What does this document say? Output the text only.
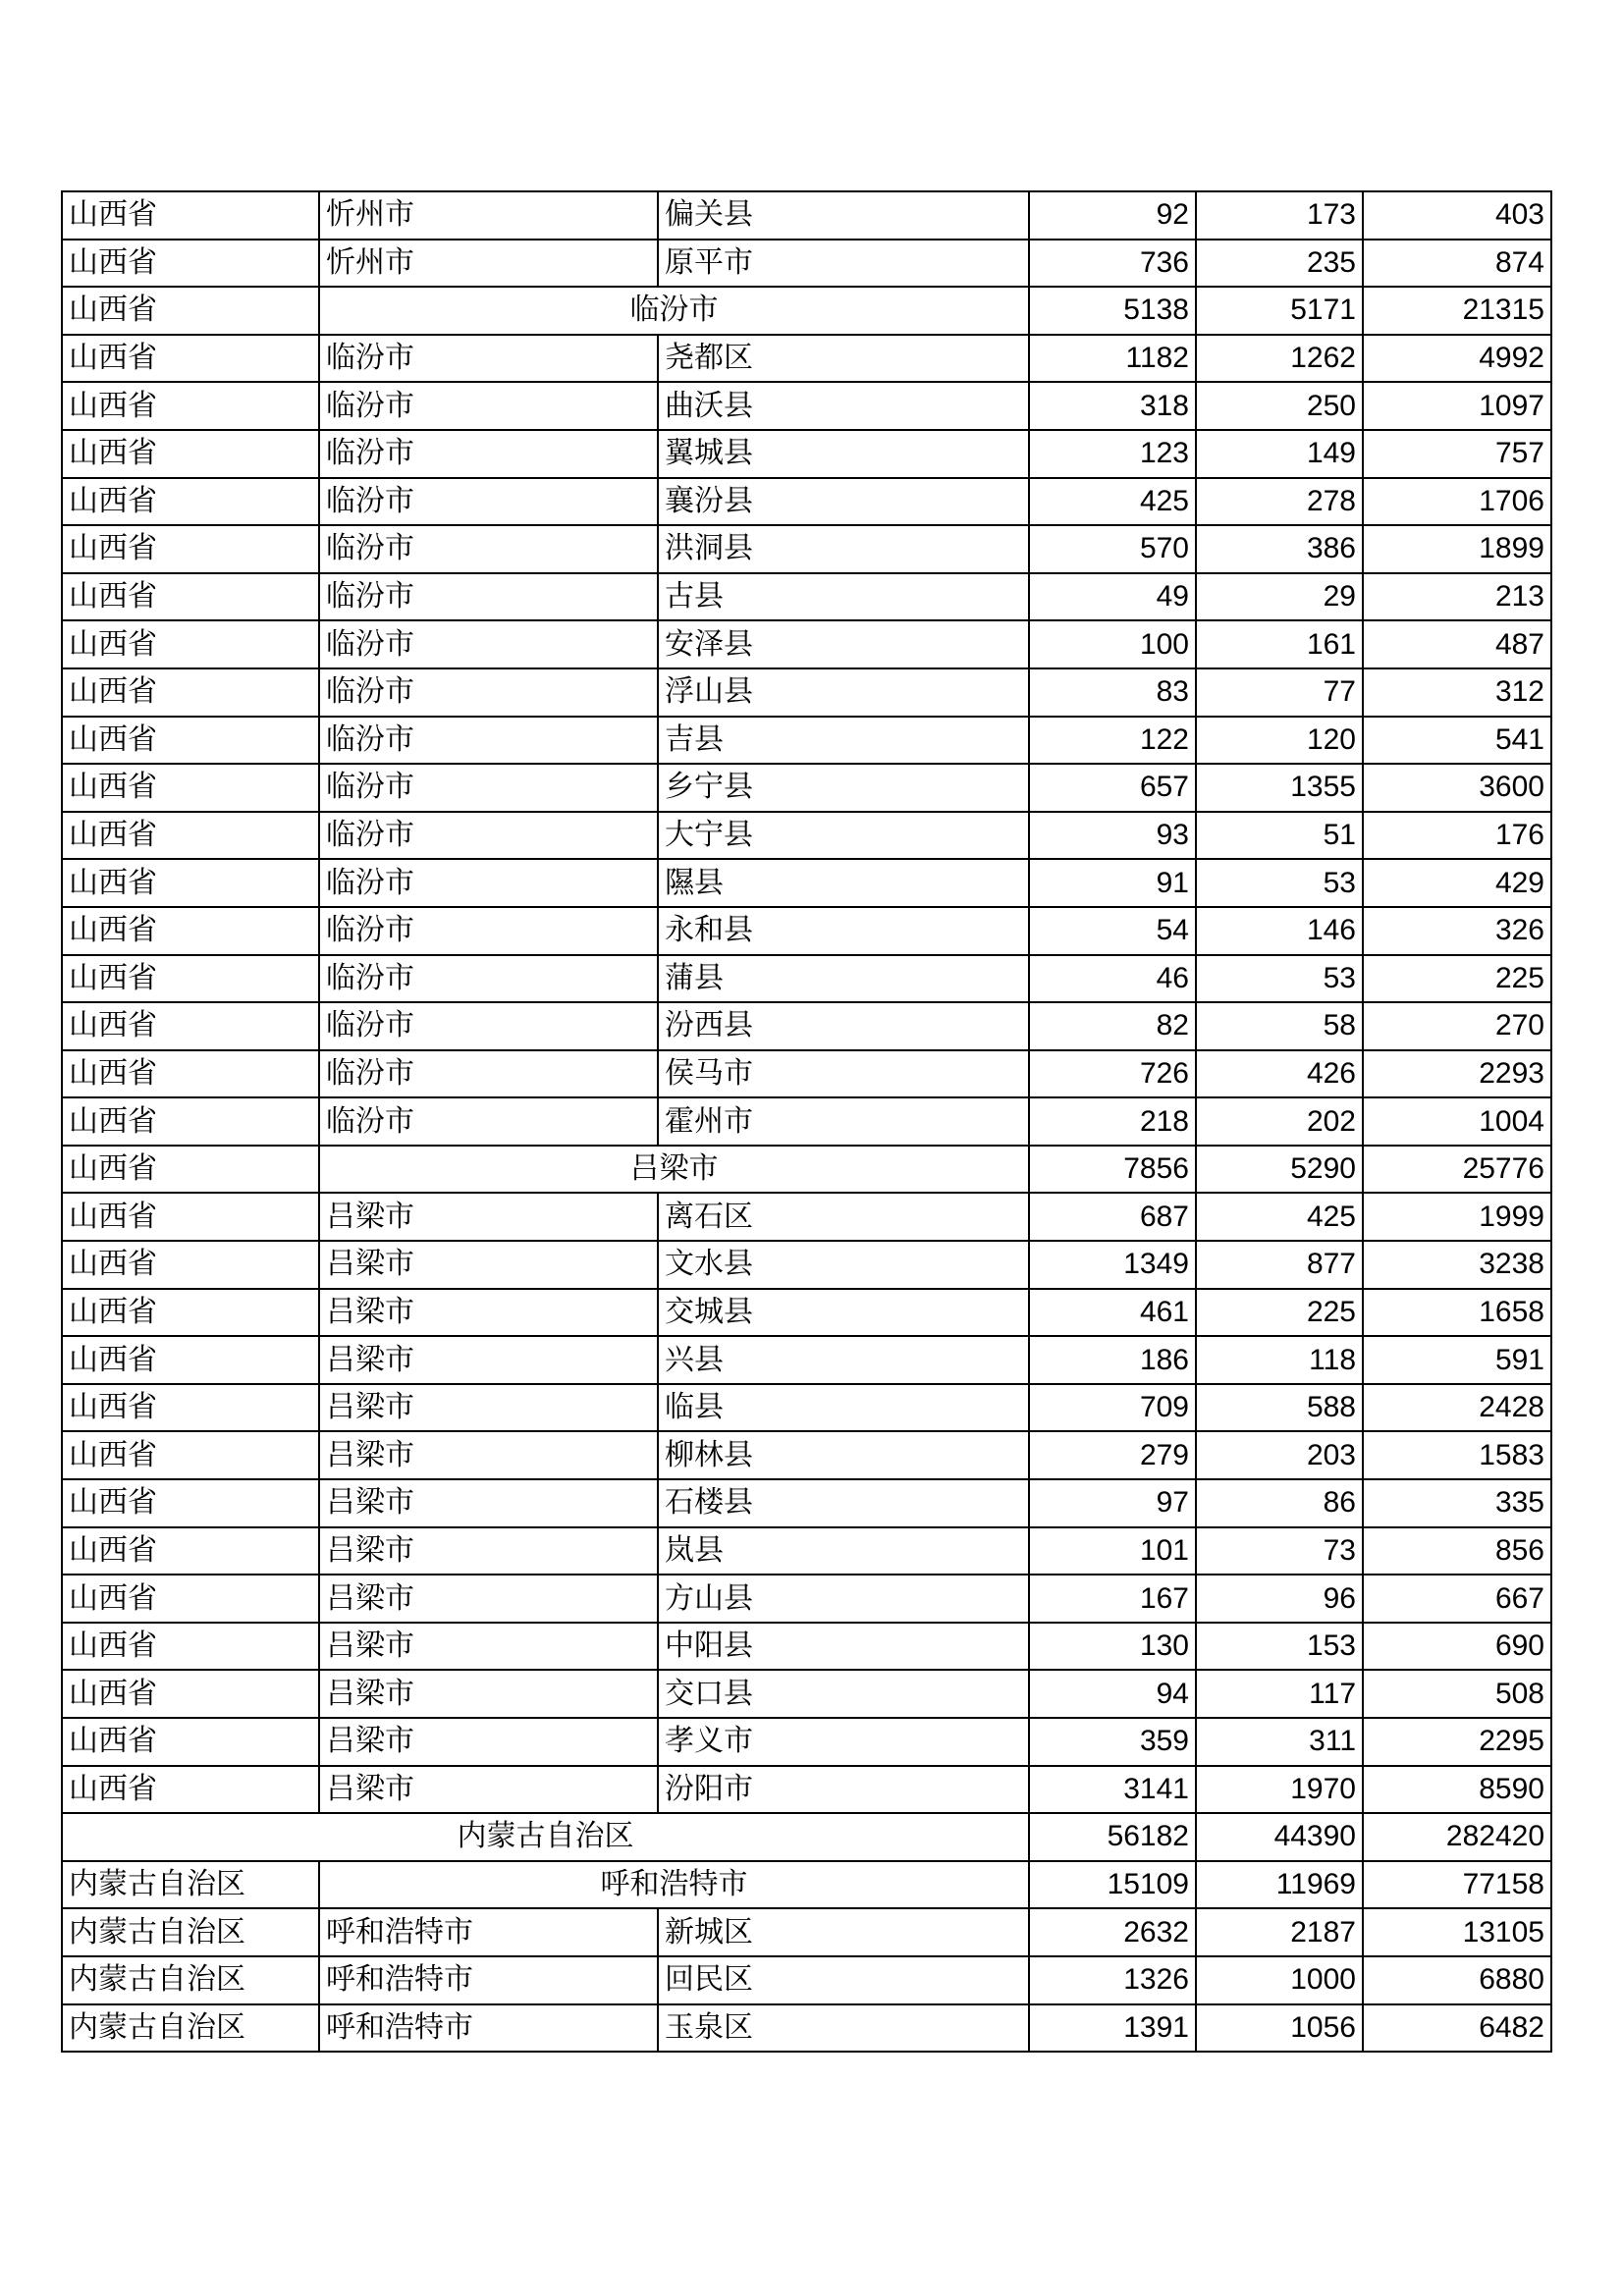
山西省	忻州市	偏关县	92	173	403
山西省	忻州市	原平市	736	235	874
山西省	临汾市		5138	5171	21315
山西省	临汾市	尧都区	1182	1262	4992
山西省	临汾市	曲沃县	318	250	1097
山西省	临汾市	翼城县	123	149	757
山西省	临汾市	襄汾县	425	278	1706
山西省	临汾市	洪洞县	570	386	1899
山西省	临汾市	古县	49	29	213
山西省	临汾市	安泽县	100	161	487
山西省	临汾市	浮山县	83	77	312
山西省	临汾市	吉县	122	120	541
山西省	临汾市	乡宁县	657	1355	3600
山西省	临汾市	大宁县	93	51	176
山西省	临汾市	隰县	91	53	429
山西省	临汾市	永和县	54	146	326
山西省	临汾市	蒲县	46	53	225
山西省	临汾市	汾西县	82	58	270
山西省	临汾市	侯马市	726	426	2293
山西省	临汾市	霍州市	218	202	1004
山西省	吕梁市		7856	5290	25776
山西省	吕梁市	离石区	687	425	1999
山西省	吕梁市	文水县	1349	877	3238
山西省	吕梁市	交城县	461	225	1658
山西省	吕梁市	兴县	186	118	591
山西省	吕梁市	临县	709	588	2428
山西省	吕梁市	柳林县	279	203	1583
山西省	吕梁市	石楼县	97	86	335
山西省	吕梁市	岚县	101	73	856
山西省	吕梁市	方山县	167	96	667
山西省	吕梁市	中阳县	130	153	690
山西省	吕梁市	交口县	94	117	508
山西省	吕梁市	孝义市	359	311	2295
山西省	吕梁市	汾阳市	3141	1970	8590
内蒙古自治区			56182	44390	282420
内蒙古自治区	呼和浩特市		15109	11969	77158
内蒙古自治区	呼和浩特市	新城区	2632	2187	13105
内蒙古自治区	呼和浩特市	回民区	1326	1000	6880
内蒙古自治区	呼和浩特市	玉泉区	1391	1056	6482
